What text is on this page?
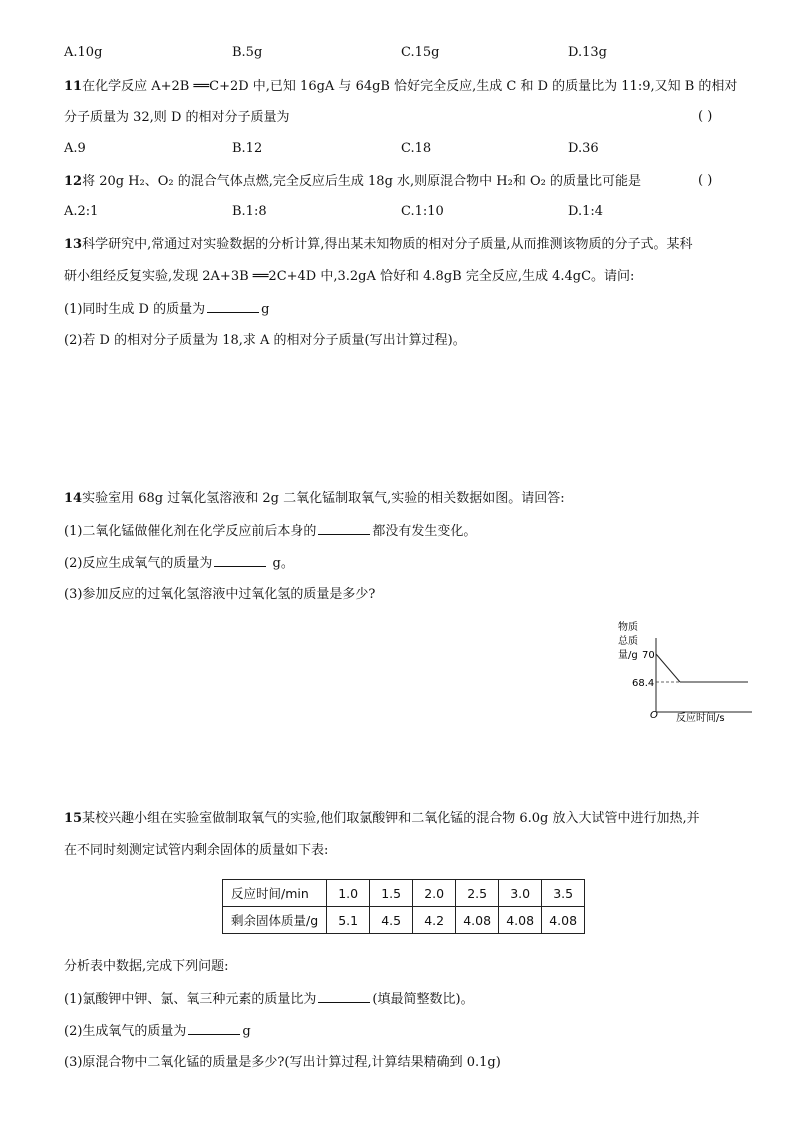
A.10g	B.5g	C.15g	D.13g
11在化学反应 A+2B ══C+2D 中,已知 16gA 与 64gB 恰好完全反应,生成 C 和 D 的质量比为 11:9,又知 B 的相对
分子质量为 32,则 D 的相对分子质量为	( )
A.9	B.12	C.18	D.36
12将 20g H₂、O₂ 的混合气体点燃,完全反应后生成 18g 水,则原混合物中 H₂和 O₂ 的质量比可能是	( )
A.2:1	B.1:8	C.1:10	D.1:4
13科学研究中,常通过对实验数据的分析计算,得出某未知物质的相对分子质量,从而推测该物质的分子式。某科
研小组经反复实验,发现 2A+3B ══2C+4D 中,3.2gA 恰好和 4.8gB 完全反应,生成 4.4gC。请问:
(1)同时生成 D 的质量为	g
(2)若 D 的相对分子质量为 18,求 A 的相对分子质量(写出计算过程)。
14实验室用 68g 过氧化氢溶液和 2g 二氧化锰制取氧气,实验的相关数据如图。请回答:
(1)二氧化锰做催化剂在化学反应前后本身的	都没有发生变化。
(2)反应生成氧气的质量为	g。
(3)参加反应的过氧化氢溶液中过氧化氢的质量是多少?
物质
总质
量/g 70
68.4
O 反应时间/s
15某校兴趣小组在实验室做制取氧气的实验,他们取氯酸钾和二氧化锰的混合物 6.0g 放入大试管中进行加热,并
在不同时刻测定试管内剩余固体的质量如下表:
反应时间/min	1.0	1.5	2.0	2.5	3.0	3.5
剩余固体质量/g	5.1	4.5	4.2	4.08	4.08	4.08
分析表中数据,完成下列问题:
(1)氯酸钾中钾、氯、氧三种元素的质量比为	(填最简整数比)。
(2)生成氧气的质量为	g
(3)原混合物中二氧化锰的质量是多少?(写出计算过程,计算结果精确到 0.1g)
